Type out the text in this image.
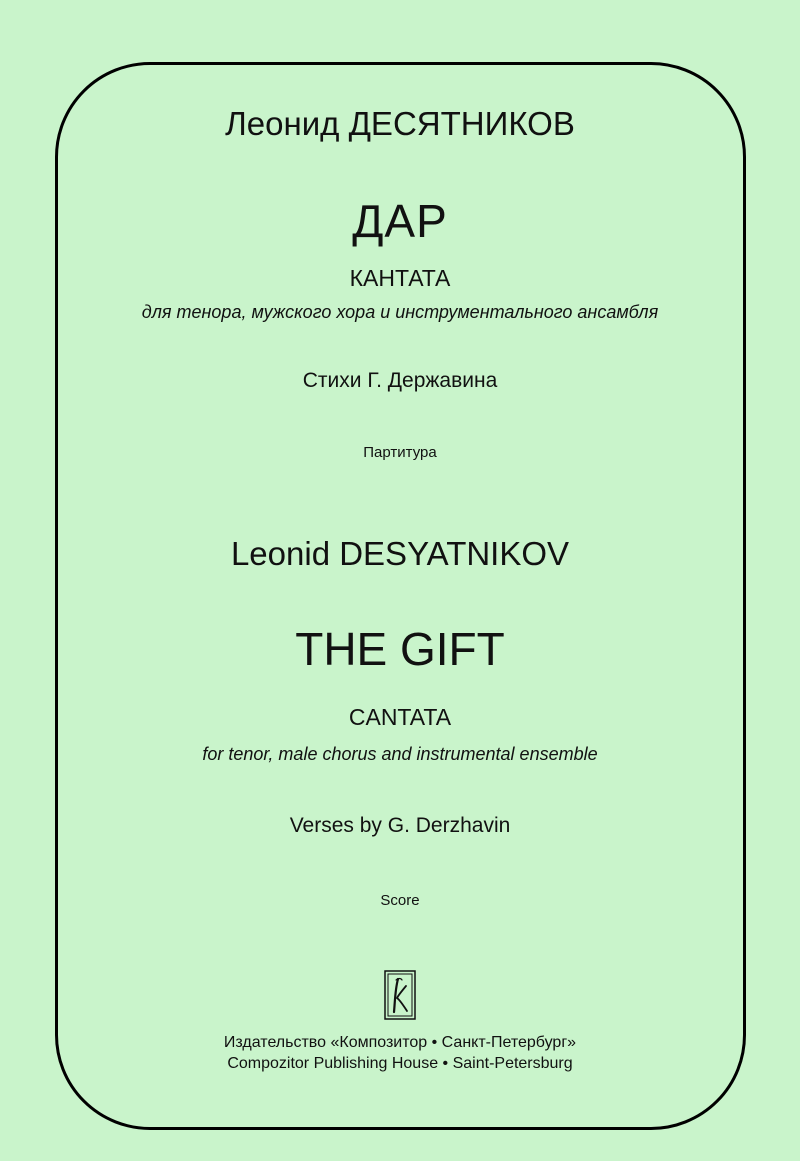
Леонид ДЕСЯТНИКОВ
ДАР
КАНТАТА
для тенора, мужского хора и инструментального ансамбля
Стихи Г. Державина
Партитура
Leonid DESYATNIKOV
THE GIFT
CANTATA
for tenor, male chorus and instrumental ensemble
Verses by G. Derzhavin
Score
Издательство «Композитор • Санкт-Петербург»
Compozitor Publishing House • Saint-Petersburg
